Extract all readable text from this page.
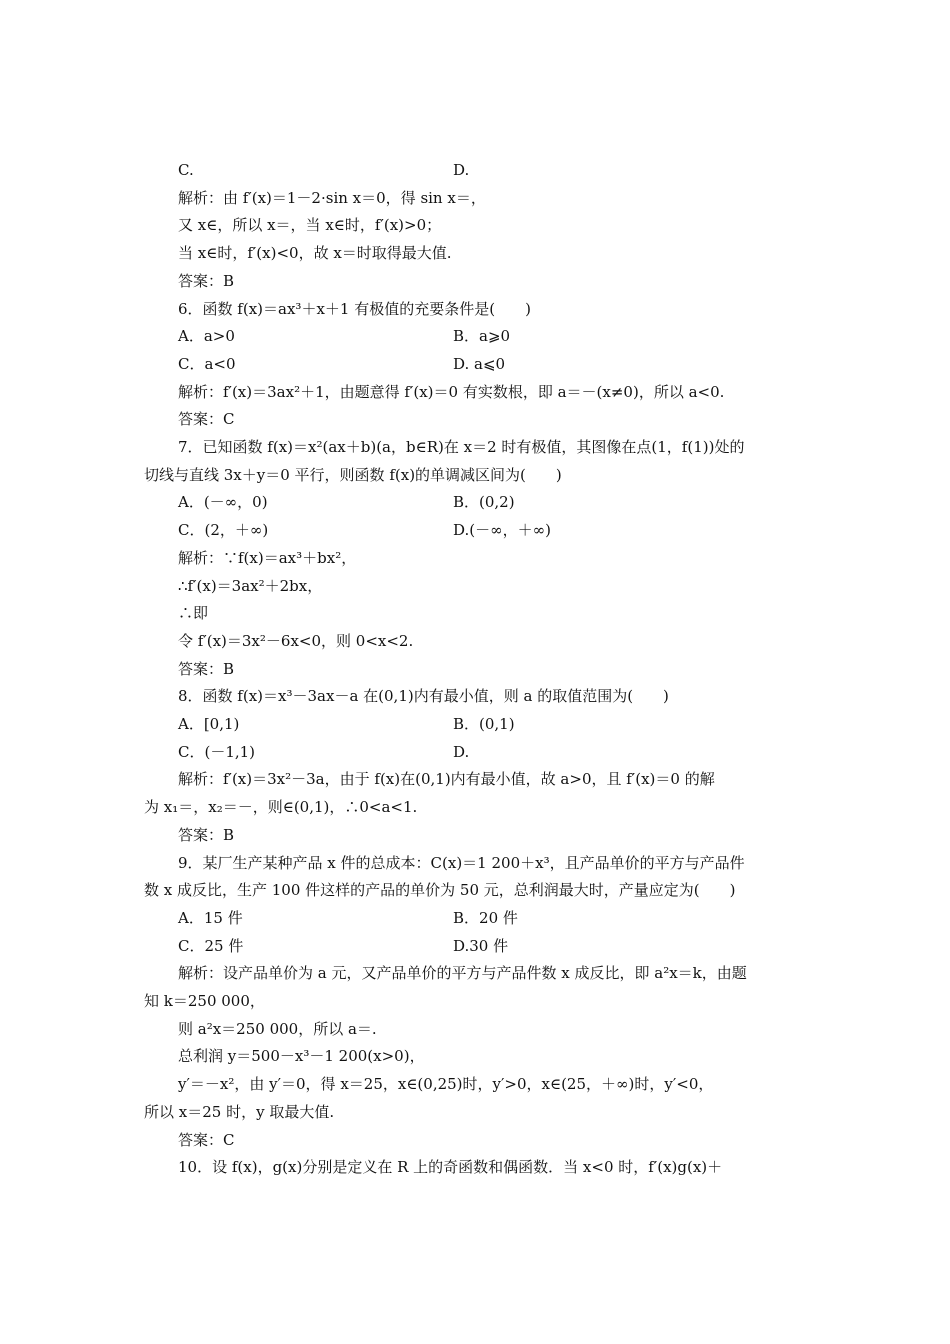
C.	D.
解析：由 f′(x)＝1－2·sin x＝0，得 sin x＝，
又 x∈，所以 x＝，当 x∈时，f′(x)>0；
当 x∈时，f′(x)<0，故 x＝时取得最大值.
答案：B
6．函数 f(x)＝ax³＋x＋1 有极值的充要条件是(　　)
A．a>0	B．a⩾0
C．a<0	D. a⩽0
解析：f′(x)＝3ax²＋1，由题意得 f′(x)＝0 有实数根，即 a＝－(x≠0)，所以 a<0.
答案：C
7．已知函数 f(x)＝x²(ax＋b)(a，b∈R)在 x＝2 时有极值，其图像在点(1，f(1))处的
切线与直线 3x＋y＝0 平行，则函数 f(x)的单调减区间为(　　)
A．(－∞，0)	B．(0,2)
C．(2，＋∞)	D.(－∞，＋∞)
解析：∵f(x)＝ax³＋bx²，
∴f′(x)＝3ax²＋2bx，
∴即
令 f′(x)＝3x²－6x<0，则 0<x<2.
答案：B
8．函数 f(x)＝x³－3ax－a 在(0,1)内有最小值，则 a 的取值范围为(　　)
A．[0,1)	B．(0,1)
C．(－1,1)	D.
解析：f′(x)＝3x²－3a，由于 f(x)在(0,1)内有最小值，故 a>0，且 f′(x)＝0 的解
为 x₁＝，x₂＝－，则∈(0,1)，∴0<a<1.
答案：B
9．某厂生产某种产品 x 件的总成本：C(x)＝1 200＋x³，且产品单价的平方与产品件
数 x 成反比，生产 100 件这样的产品的单价为 50 元，总利润最大时，产量应定为(　　)
A．15 件	B．20 件
C．25 件	D.30 件
解析：设产品单价为 a 元，又产品单价的平方与产品件数 x 成反比，即 a²x＝k，由题
知 k＝250 000，
则 a²x＝250 000，所以 a＝.
总利润 y＝500－x³－1 200(x>0)，
y′＝－x²，由 y′＝0，得 x＝25，x∈(0,25)时，y′>0，x∈(25，＋∞)时，y′<0，
所以 x＝25 时，y 取最大值.
答案：C
10．设 f(x)，g(x)分别是定义在 R 上的奇函数和偶函数．当 x<0 时，f′(x)g(x)＋
